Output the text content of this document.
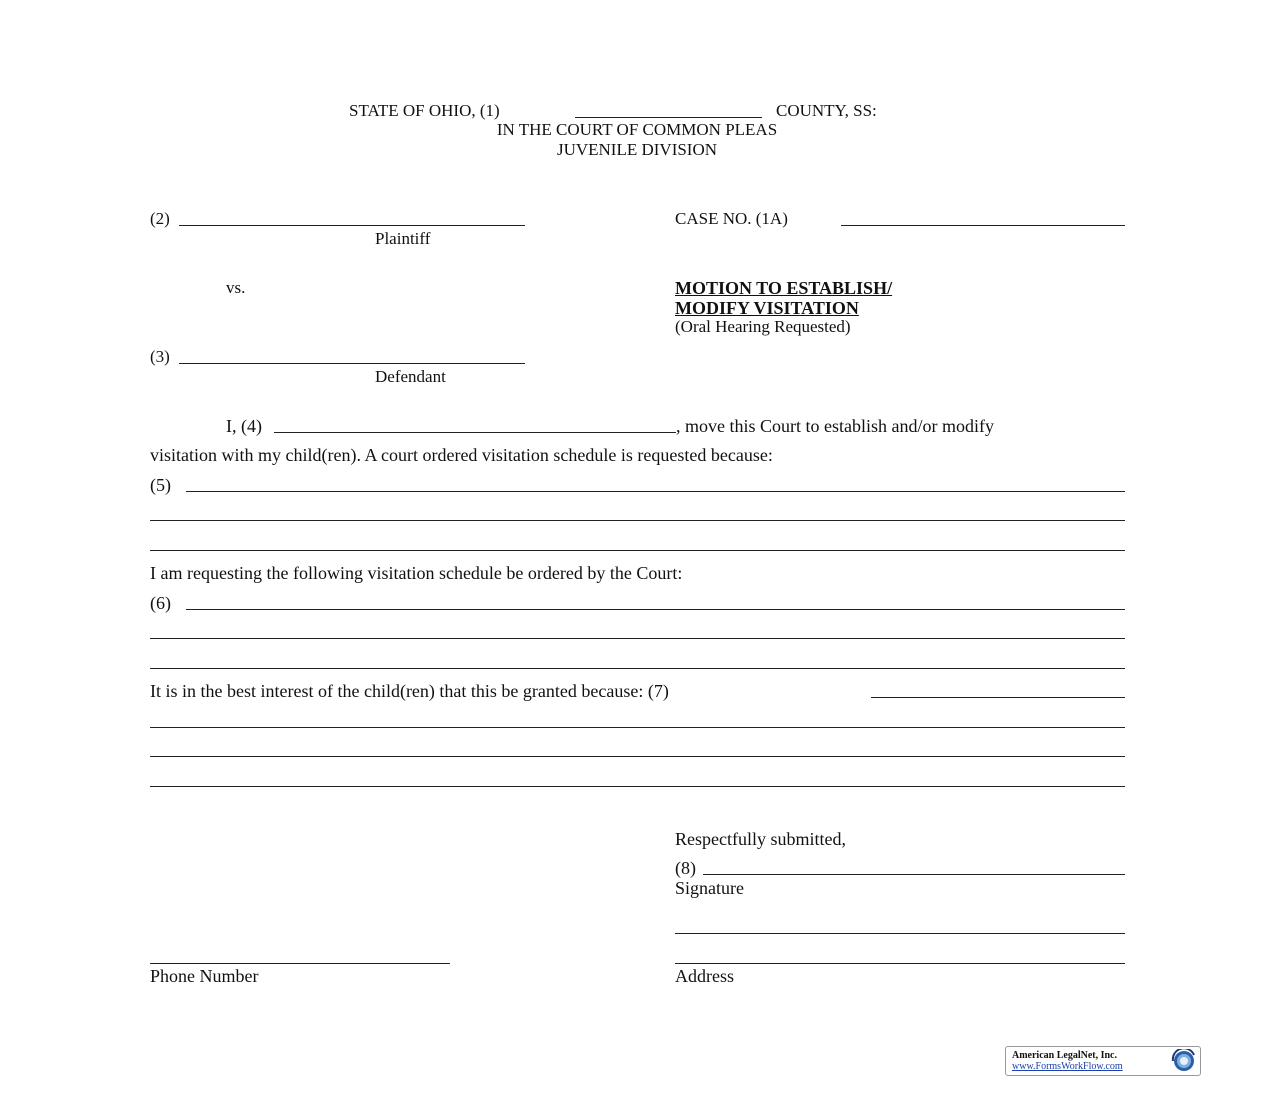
STATE OF OHIO, (1)	COUNTY, SS:
IN THE COURT OF COMMON PLEAS
JUVENILE DIVISION
(2)
Plaintiff
CASE NO. (1A)
vs.	MOTION TO ESTABLISH/
MODIFY VISITATION
(Oral Hearing Requested)
(3)
Defendant
I, (4)	, move this Court to establish and/or modify
visitation with my child(ren). A court ordered visitation schedule is requested because:
(5)
I am requesting the following visitation schedule be ordered by the Court:
(6)
It is in the best interest of the child(ren) that this be granted because: (7)
Respectfully submitted,
(8)
Signature
Address
Phone Number
American LegalNet, Inc.
www.FormsWorkFlow.com
